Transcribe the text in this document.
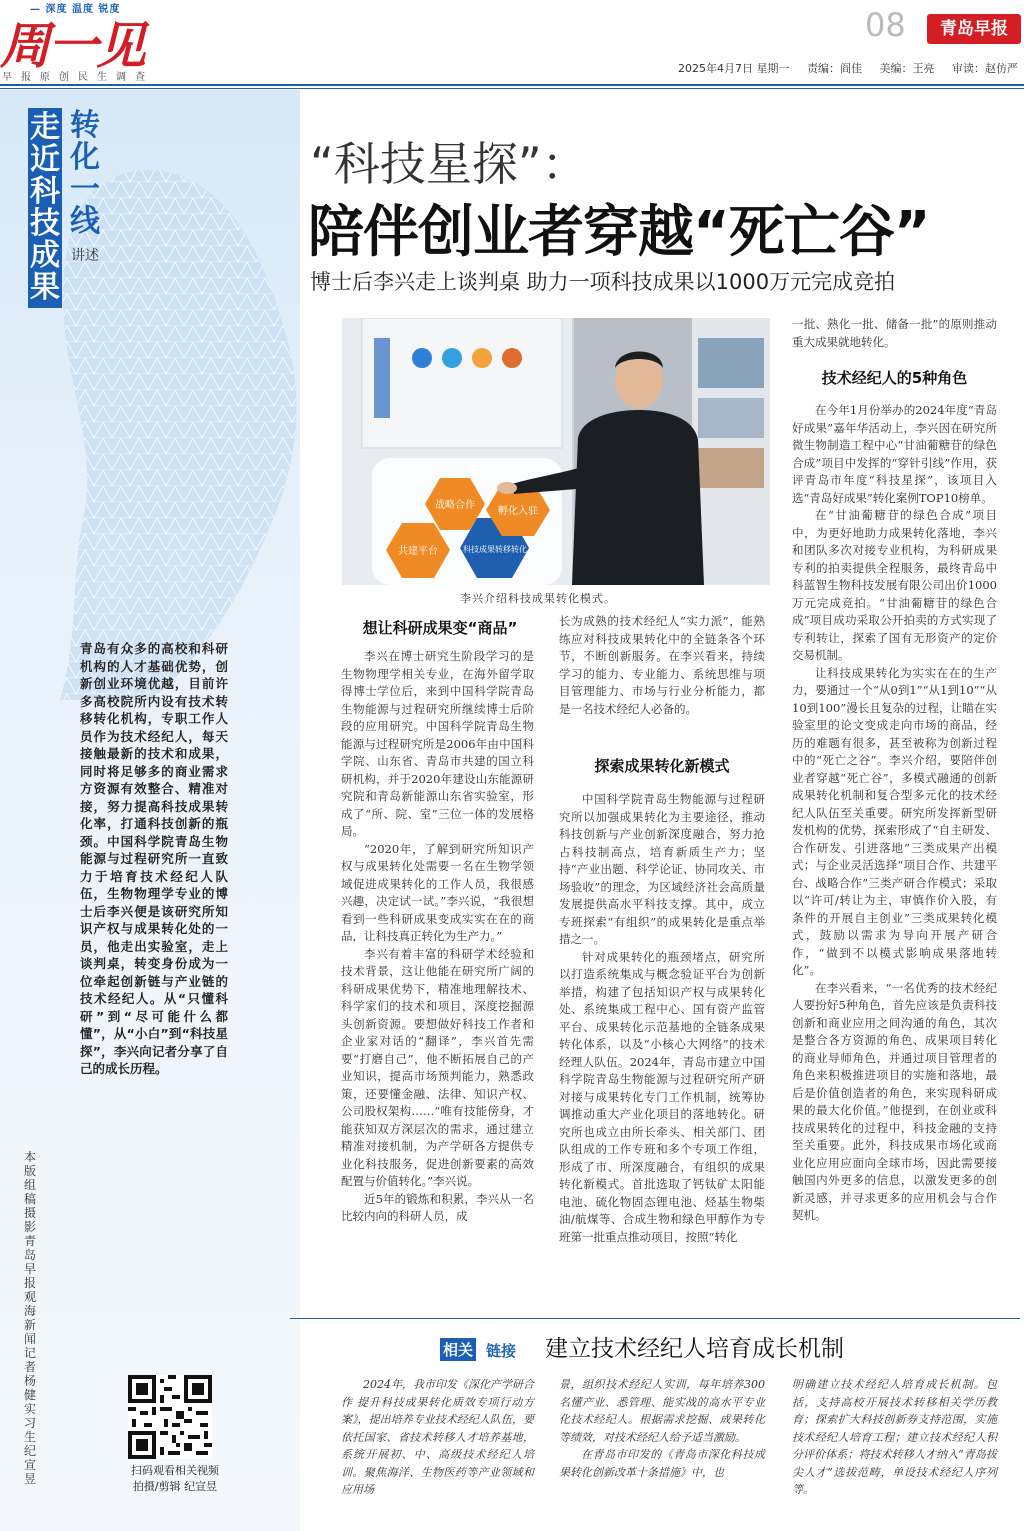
— 深度 温度 锐度
周一见
早报原创民生调查
08	青岛早报
2025年4月7日 星期一 责编：阎佳 美编：王亮 审读：赵仿严
走近科技成果
转化一线
讲述
青岛有众多的高校和科研机构的人才基础优势，创新创业环境优越，目前许多高校院所内设有技术转移转化机构，专职工作人员作为技术经纪人，每天接触最新的技术和成果，同时将足够多的商业需求方资源有效整合、精准对接，努力提高科技成果转化率，打通科技创新的瓶颈。中国科学院青岛生物能源与过程研究所一直致力于培育技术经纪人队伍，生物物理学专业的博士后李兴便是该研究所知识产权与成果转化处的一员，他走出实验室，走上谈判桌，转变身份成为一位牵起创新链与产业链的技术经纪人。从“只懂科研”到“尽可能什么都懂”，从“小白”到“科技星探”，李兴向记者分享了自己的成长历程。
本版组稿摄影 青岛早报观海新闻记者 杨健 实习生 纪宣昱
扫码观看相关视频
拍摄/剪辑 纪宣昱
“科技星探”：
陪伴创业者穿越“死亡谷”
博士后李兴走上谈判桌 助力一项科技成果以1000万元完成竞拍
战略合作
共建平台	科技成果转移转化
孵化入驻
李兴介绍科技成果转化模式。
想让科研成果变“商品”

李兴在博士研究生阶段学习的是生物物理学相关专业，在海外留学取得博士学位后，来到中国科学院青岛生物能源与过程研究所继续博士后阶段的应用研究。中国科学院青岛生物能源与过程研究所是2006年由中国科学院、山东省、青岛市共建的国立科研机构，并于2020年建设山东能源研究院和青岛新能源山东省实验室，形成了“所、院、室”三位一体的发展格局。

“2020年，了解到研究所知识产权与成果转化处需要一名在生物学领域促进成果转化的工作人员，我很感兴趣，决定试一试。”李兴说，“我很想看到一些科研成果变成实实在在的商品，让科技真正转化为生产力。”

李兴有着丰富的科研学术经验和技术背景，这让他能在研究所广阔的科研成果优势下，精准地理解技术、科学家们的技术和项目，深度挖掘源头创新资源。要想做好科技工作者和企业家对话的“翻译”，李兴首先需要“打磨自己”，他不断拓展自己的产业知识，提高市场预判能力，熟悉政策，还要懂金融、法律、知识产权、公司股权架构……“唯有技能傍身，才能获知双方深层次的需求，通过建立精准对接机制，为产学研各方提供专业化科技服务，促进创新要素的高效配置与价值转化。”李兴说。

近5年的锻炼和积累，李兴从一名比较内向的科研人员，成

长为成熟的技术经纪人“实力派”，能熟练应对科技成果转化中的全链条各个环节，不断创新服务。在李兴看来，持续学习的能力、专业能力、系统思维与项目管理能力、市场与行业分析能力，都是一名技术经纪人必备的。

探索成果转化新模式

中国科学院青岛生物能源与过程研究所以加强成果转化为主要途径，推动科技创新与产业创新深度融合，努力抢占科技制高点，培育新质生产力；坚持“产业出题、科学论证、协同攻关、市场验收”的理念，为区域经济社会高质量发展提供高水平科技支撑。其中，成立专班探索“有组织”的成果转化是重点举措之一。

针对成果转化的瓶颈堵点，研究所以打造系统集成与概念验证平台为创新举措，构建了包括知识产权与成果转化处、系统集成工程中心、国有资产监管平台、成果转化示范基地的全链条成果转化体系，以及“小核心大网络”的技术经理人队伍。2024年，青岛市建立中国科学院青岛生物能源与过程研究所产研对接与成果转化专门工作机制，统筹协调推动重大产业化项目的落地转化。研究所也成立由所长牵头、相关部门、团队组成的工作专班和多个专项工作组，形成了市、所深度融合，有组织的成果转化新模式。首批选取了钙钛矿太阳能电池、硫化物固态锂电池、烃基生物柴油/航煤等、合成生物和绿色甲醇作为专班第一批重点推动项目，按照“转化

一批、熟化一批、储备一批”的原则推动重大成果就地转化。

技术经纪人的5种角色

在今年1月份举办的2024年度“青岛好成果”嘉年华活动上，李兴因在研究所微生物制造工程中心“甘油葡糖苷的绿色合成”项目中发挥的“穿针引线”作用，获评青岛市年度“科技星探”，该项目入选“青岛好成果”转化案例TOP10榜单。

在“甘油葡糖苷的绿色合成”项目中，为更好地助力成果转化落地，李兴和团队多次对接专业机构，为科研成果专利的拍卖提供全程服务，最终青岛中科蓝智生物科技发展有限公司出价1000万元完成竞拍。“甘油葡糖苷的绿色合成”项目成功采取公开拍卖的方式实现了专利转让，探索了国有无形资产的定价交易机制。

让科技成果转化为实实在在的生产力，要通过一个“从0到1”“从1到10”“从10到100”漫长且复杂的过程，让瞄在实验室里的论文变成走向市场的商品，经历的难题有很多，甚至被称为创新过程中的“死亡之谷”。李兴介绍，要陪伴创业者穿越“死亡谷”，多模式融通的创新成果转化机制和复合型多元化的技术经纪人队伍至关重要。研究所发挥新型研发机构的优势，探索形成了“自主研发、合作研发、引进落地”三类成果产出模式；与企业灵活选择“项目合作、共建平台、战略合作”三类产研合作模式；采取以“许可/转让为主，审慎作价入股，有条件的开展自主创业”三类成果转化模式，鼓励以需求为导向开展产研合作，“做到不以模式影响成果落地转化”。

在李兴看来，“一名优秀的技术经纪人要扮好5种角色，首先应该是负责科技创新和商业应用之间沟通的角色，其次是整合各方资源的角色、成果项目转化的商业导师角色，并通过项目管理者的角色来积极推进项目的实施和落地，最后是价值创造者的角色，来实现科研成果的最大化价值。”他提到，在创业或科技成果转化的过程中，科技金融的支持至关重要。此外，科技成果市场化或商业化应用应面向全球市场，因此需要接触国内外更多的信息，以激发更多的创新灵感，并寻求更多的应用机会与合作契机。

相关 链接 建立技术经纪人培育成长机制

2024年，我市印发《深化产学研合作 提升科技成果转化质效专项行动方案》，提出培养专业技术经纪人队伍，要依托国家、省技术转移人才培养基地，系统开展初、中、高级技术经纪人培训。聚焦海洋、生物医药等产业领域和应用场

景，组织技术经纪人实训，每年培养300名懂产业、悉管理、能实战的高水平专业化技术经纪人。根据需求挖掘、成果转化等绩效，对技术经纪人给予适当激励。

在青岛市印发的《青岛市深化科技成果转化创新改革十条措施》中，也

明确建立技术经纪人培育成长机制。包括，支持高校开展技术转移相关学历教育；探索扩大科技创新券支持范围，实施技术经纪人培育工程；建立技术经纪人积分评价体系；将技术转移人才纳入“青岛拔尖人才”选拔范畴，单设技术经纪人序列等。
